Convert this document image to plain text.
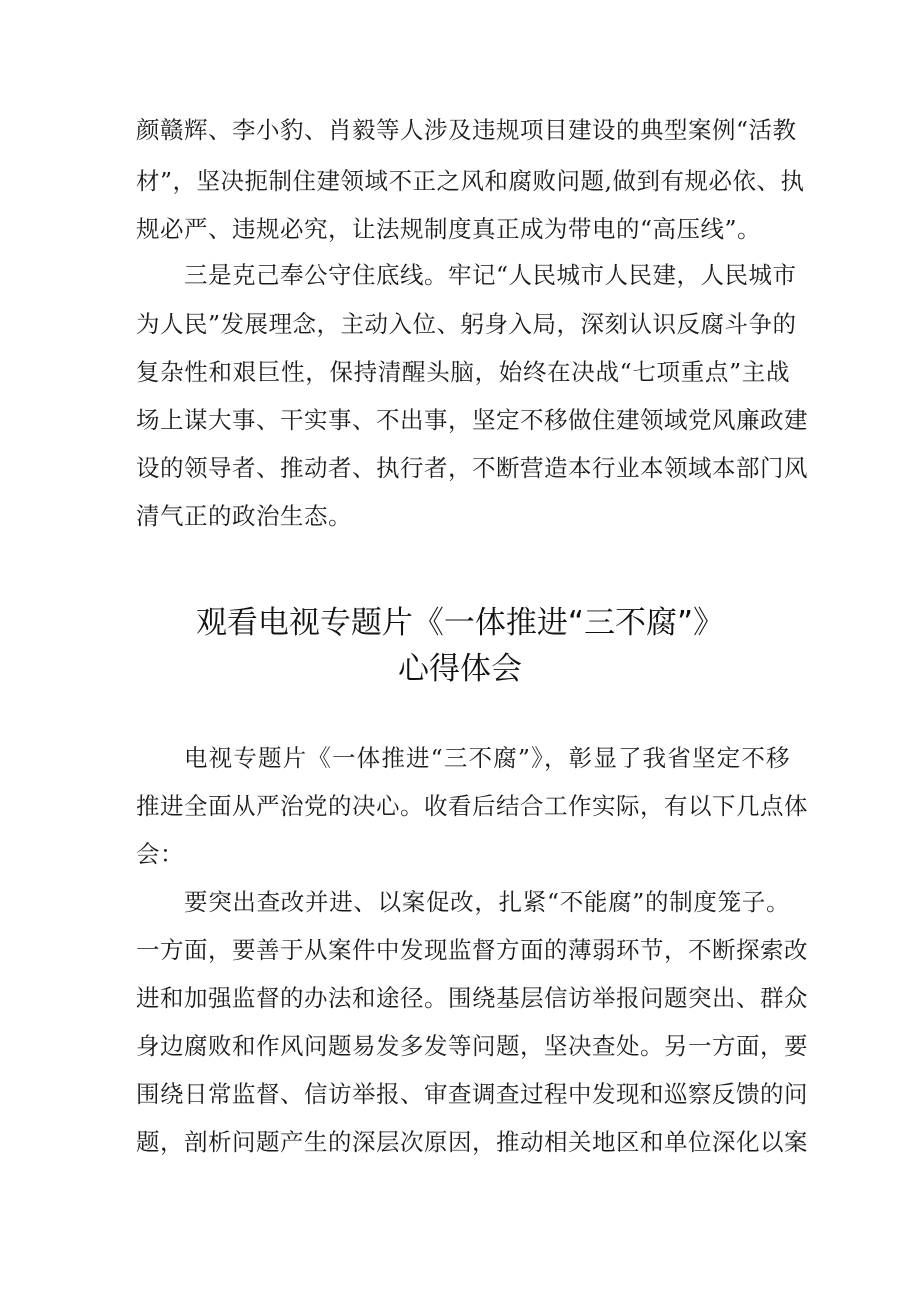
颜赣辉、李小豹、肖毅等人涉及违规项目建设的典型案例“活教
材”，坚决扼制住建领域不正之风和腐败问题,做到有规必依、执
规必严、违规必究，让法规制度真正成为带电的“高压线”。
三是克己奉公守住底线。牢记“人民城市人民建，人民城市
为人民”发展理念，主动入位、躬身入局，深刻认识反腐斗争的
复杂性和艰巨性，保持清醒头脑，始终在决战“七项重点”主战
场上谋大事、干实事、不出事，坚定不移做住建领域党风廉政建
设的领导者、推动者、执行者，不断营造本行业本领域本部门风
清气正的政治生态。
观看电视专题片《一体推进“三不腐”》
心得体会
电视专题片《一体推进“三不腐”》，彰显了我省坚定不移
推进全面从严治党的决心。收看后结合工作实际，有以下几点体
会：
要突出查改并进、以案促改，扎紧“不能腐”的制度笼子。
一方面，要善于从案件中发现监督方面的薄弱环节，不断探索改
进和加强监督的办法和途径。围绕基层信访举报问题突出、群众
身边腐败和作风问题易发多发等问题，坚决查处。另一方面，要
围绕日常监督、信访举报、审查调查过程中发现和巡察反馈的问
题，剖析问题产生的深层次原因，推动相关地区和单位深化以案
